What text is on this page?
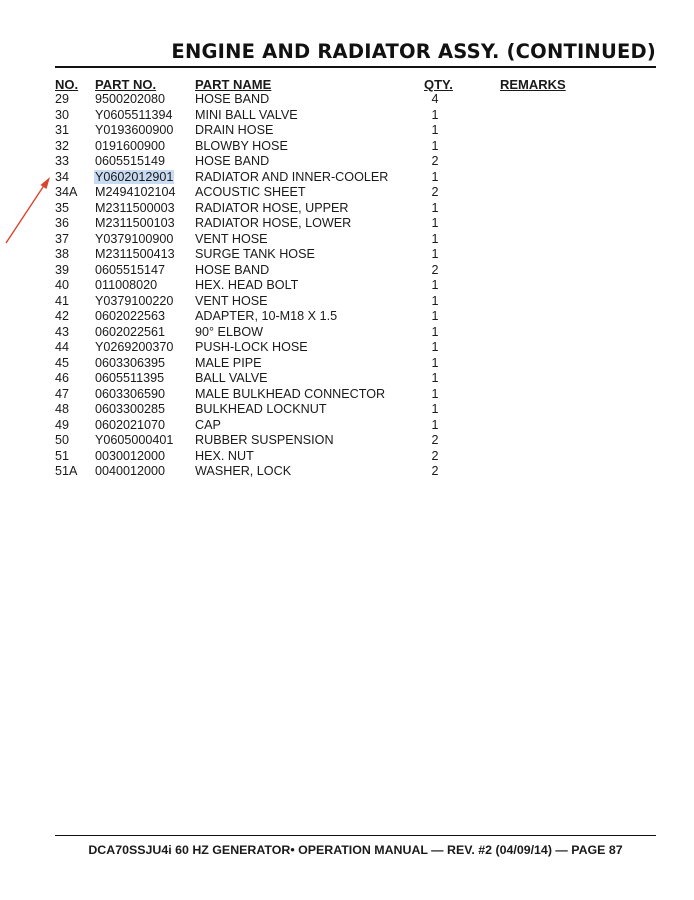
ENGINE AND RADIATOR ASSY. (CONTINUED)
NO. PART NO.	PART NAME	QTY.	REMARKS
29 9500202080 HOSE BAND	4
30 Y0605511394 MINI BALL VALVE	1
31 Y0193600900 DRAIN HOSE	1
32 0191600900 BLOWBY HOSE	1
33 0605515149 HOSE BAND	2
34 Y0602012901 RADIATOR AND INNER-COOLER	1
34A M2494102104 ACOUSTIC SHEET	2
35 M2311500003 RADIATOR HOSE, UPPER	1
36 M2311500103 RADIATOR HOSE, LOWER	1
37 Y0379100900 VENT HOSE	1
38 M2311500413 SURGE TANK HOSE	1
39 0605515147 HOSE BAND	2
40 011008020	HEX. HEAD BOLT	1
41 Y0379100220 VENT HOSE	1
42 0602022563 ADAPTER, 10-M18 X 1.5	1
43 0602022561 90° ELBOW	1
44 Y0269200370 PUSH-LOCK HOSE	1
45 0603306395 MALE PIPE	1
46 0605511395 BALL VALVE	1
47 0603306590 MALE BULKHEAD CONNECTOR	1
48 0603300285 BULKHEAD LOCKNUT	1
49 0602021070 CAP	1
50 Y0605000401 RUBBER SUSPENSION	2
51 0030012000 HEX. NUT	2
51A 0040012000 WASHER, LOCK	2
DCA70SSJU4i 60 HZ GENERATOR• OPERATION MANUAL — REV. #2 (04/09/14) — PAGE 87
